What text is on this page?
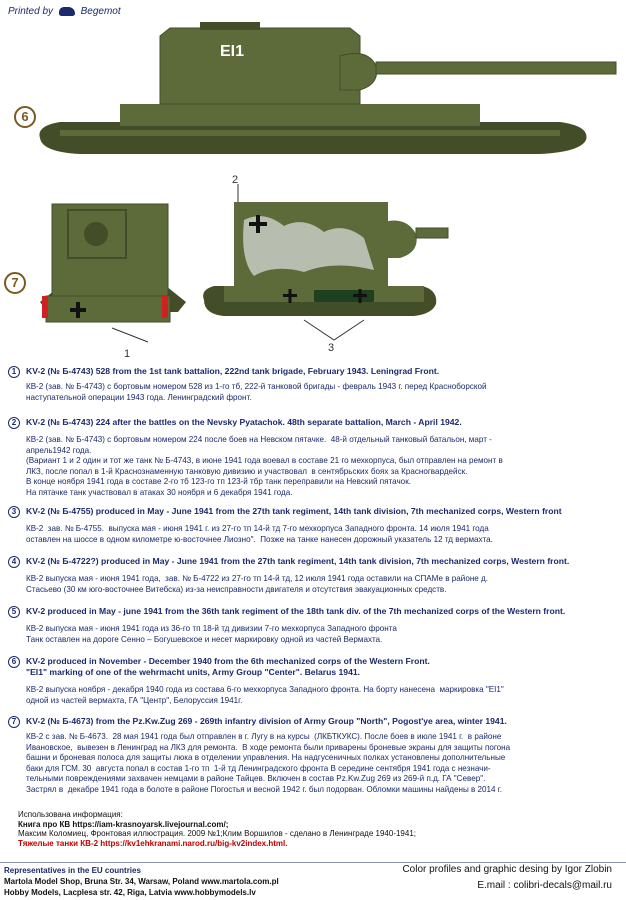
Printed by	Begemot
6
EI1
7
1
2
3
1	KV-2 (№ Б-4743) 528 from the 1st tank battalion, 222nd tank brigade, February 1943. Leningrad Front.
КВ-2 (зав. № Б-4743) с бортовым номером 528 из 1-го тб, 222-й танковой бригады - февраль 1943 г. перед Красноборской
наступательной операции 1943 года. Ленинградский фронт.
2	KV-2 (№ Б-4743) 224 after the battles on the Nevsky Pyatachok. 48th separate battalion, March - April 1942.
КВ-2 (зав. № Б-4743) с бортовым номером 224 после боев на Невском пятачке.  48-й отдельный танковый батальон, март -
апрель1942 года.
(Вариант 1 и 2 один и тот же танк № Б-4743, в июне 1941 года воевал в составе 21 го мехкорпуса, был отправлен на ремонт в
ЛКЗ, после попал в 1-й Краснознаменную танковую дивизию и участвовал  в сентябрьских боях за Красногвардейск.
В конце ноября 1941 года в составе 2-го тб 123-го тп 123-й тбр танк переправили на Невский пятачок.
На пятачке танк участвовал в атаках 30 ноября и 6 декабря 1941 года.
3	KV-2 (№ Б-4755) produced in May - June 1941 from the 27th tank regiment, 14th tank division, 7th mechanized corps, Western front
КВ-2  зав. № Б-4755.  выпуска мая - июня 1941 г. из 27-го тп 14-й тд 7-го мехкорпуса Западного фронта. 14 июля 1941 года
оставлен на шоссе в одном километре ю-восточнее Лиозно".  Позже на танке нанесен дорожный указатель 12 тд вермахта.
4	KV-2 (№ Б-4722?) produced in May - June 1941 from the 27th tank regiment, 14th tank division, 7th mechanized corps, Western front.
КВ-2 выпуска мая - июня 1941 года,  зав. № Б-4722 из 27-го тп 14-й тд, 12 июля 1941 года оставили на СПАМе в районе д.
Стасьево (30 км юго-восточнее Витебска) из-за неисправности двигателя и отсутствия эвакуационных средств.
5	KV-2 produced in May - june 1941 from the 36th tank regiment of the 18th tank div. of the 7th mechanized corps of the Western front.
КВ-2 выпуска мая - июня 1941 года из 36-го тп 18-й тд дивизии 7-го мехкорпуса Западного фронта
Танк оставлен на дороге Сенно – Богушевское и несет маркировку одной из частей Вермахта.
6	KV-2 produced in November - December 1940 from the 6th mechanized corps of the Western Front.
"EI1" marking of one of the wehrmacht units, Army Group "Center". Belarus 1941.
КВ-2 выпуска ноября - декабря 1940 года из состава 6-го мехкорпуса Западного фронта. На борту нанесена  маркировка "EI1"
одной из частей вермахта, ГА "Центр", Белоруссия 1941г.
7	KV-2 (№ Б-4673) from the Pz.Kw.Zug 269 - 269th infantry division of Army Group "North", Pogost'ye area, winter 1941.
КВ-2 с зав. № Б-4673.  28 мая 1941 года был отправлен в г. Лугу в на курсы  (ЛКБТКУКС). После боев в июле 1941 г.  в районе
Ивановское,  вывезен в Ленинград на ЛКЗ для ремонта.  В ходе ремонта были приварены броневые экраны для защиты погона
башни и броневая полоса для защиты люка в отделении управления. На надгусеничных полках установлены дополнительные
баки для ГСМ. 30  августа попал в состав 1-го тп  1-й тд Ленинградского фронта В середине сентября 1941 года с незначи-
тельными повреждениями захвачен немцами в районе Тайцев. Включен в состав Pz.Kw.Zug 269 из 269-й п.д. ГА "Север".
Застрял в  декабре 1941 года в болоте в районе Погостья и весной 1942 г. был подорван. Обломки машины найдены в 2014 г.
Использована информация:
Книга про КВ https://iam-krasnoyarsk.livejournal.com/;
Максим Коломиец, Фронтовая иллюстрация. 2009 №1;Клим Воршилов - сделано в Ленинграде 1940-1941;
Тяжелые танки КВ-2 https://kv1ehkranami.narod.ru/big-kv2index.html.
Representatives in the EU countries
Martola Model Shop, Bruna Str. 34, Warsaw, Poland www.martola.com.pl
Hobby Models, Lacplesa str. 42, Riga, Latvia www.hobbymodels.lv
Color profiles and graphic desing by Igor Zlobin
E.mail : colibri-decals@mail.ru
